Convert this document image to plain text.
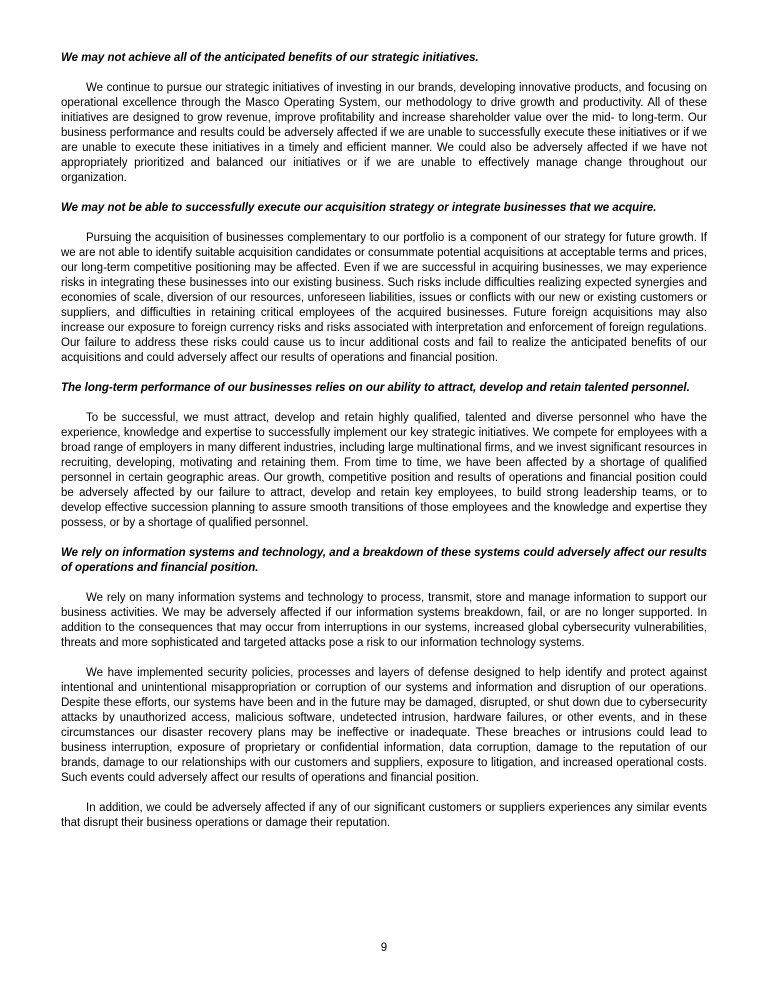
We may not achieve all of the anticipated benefits of our strategic initiatives.

We continue to pursue our strategic initiatives of investing in our brands, developing innovative products, and focusing on operational excellence through the Masco Operating System, our methodology to drive growth and productivity. All of these initiatives are designed to grow revenue, improve profitability and increase shareholder value over the mid- to long-term. Our business performance and results could be adversely affected if we are unable to successfully execute these initiatives or if we are unable to execute these initiatives in a timely and efficient manner. We could also be adversely affected if we have not appropriately prioritized and balanced our initiatives or if we are unable to effectively manage change throughout our organization.

We may not be able to successfully execute our acquisition strategy or integrate businesses that we acquire.

Pursuing the acquisition of businesses complementary to our portfolio is a component of our strategy for future growth. If we are not able to identify suitable acquisition candidates or consummate potential acquisitions at acceptable terms and prices, our long-term competitive positioning may be affected. Even if we are successful in acquiring businesses, we may experience risks in integrating these businesses into our existing business. Such risks include difficulties realizing expected synergies and economies of scale, diversion of our resources, unforeseen liabilities, issues or conflicts with our new or existing customers or suppliers, and difficulties in retaining critical employees of the acquired businesses. Future foreign acquisitions may also increase our exposure to foreign currency risks and risks associated with interpretation and enforcement of foreign regulations. Our failure to address these risks could cause us to incur additional costs and fail to realize the anticipated benefits of our acquisitions and could adversely affect our results of operations and financial position.

The long-term performance of our businesses relies on our ability to attract, develop and retain talented personnel.

To be successful, we must attract, develop and retain highly qualified, talented and diverse personnel who have the experience, knowledge and expertise to successfully implement our key strategic initiatives. We compete for employees with a broad range of employers in many different industries, including large multinational firms, and we invest significant resources in recruiting, developing, motivating and retaining them. From time to time, we have been affected by a shortage of qualified personnel in certain geographic areas. Our growth, competitive position and results of operations and financial position could be adversely affected by our failure to attract, develop and retain key employees, to build strong leadership teams, or to develop effective succession planning to assure smooth transitions of those employees and the knowledge and expertise they possess, or by a shortage of qualified personnel.

We rely on information systems and technology, and a breakdown of these systems could adversely affect our results of operations and financial position.

We rely on many information systems and technology to process, transmit, store and manage information to support our business activities. We may be adversely affected if our information systems breakdown, fail, or are no longer supported. In addition to the consequences that may occur from interruptions in our systems, increased global cybersecurity vulnerabilities, threats and more sophisticated and targeted attacks pose a risk to our information technology systems.

We have implemented security policies, processes and layers of defense designed to help identify and protect against intentional and unintentional misappropriation or corruption of our systems and information and disruption of our operations. Despite these efforts, our systems have been and in the future may be damaged, disrupted, or shut down due to cybersecurity attacks by unauthorized access, malicious software, undetected intrusion, hardware failures, or other events, and in these circumstances our disaster recovery plans may be ineffective or inadequate. These breaches or intrusions could lead to business interruption, exposure of proprietary or confidential information, data corruption, damage to the reputation of our brands, damage to our relationships with our customers and suppliers, exposure to litigation, and increased operational costs. Such events could adversely affect our results of operations and financial position.

In addition, we could be adversely affected if any of our significant customers or suppliers experiences any similar events that disrupt their business operations or damage their reputation.

9
